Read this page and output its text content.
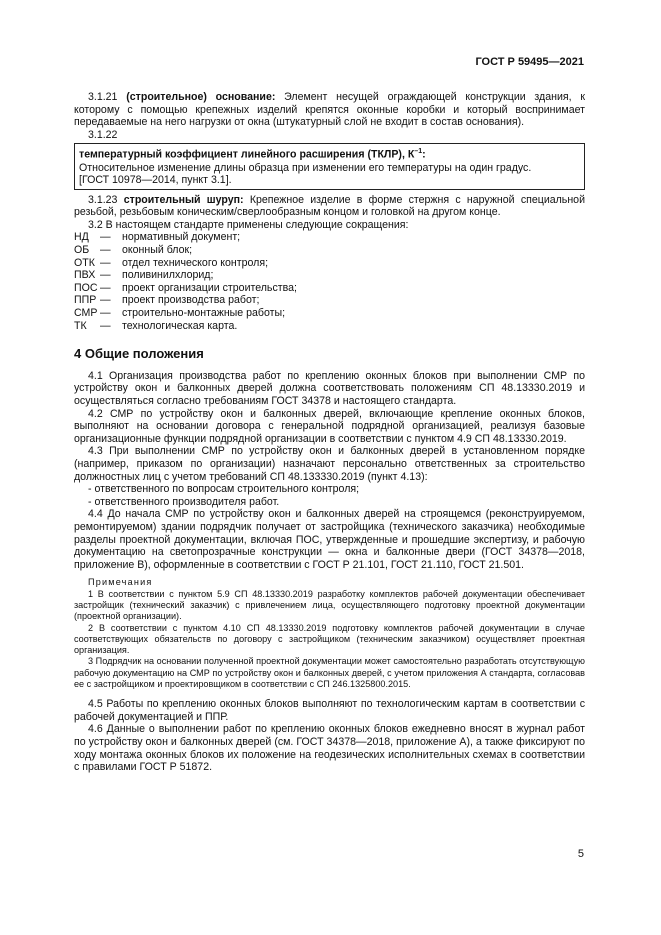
ГОСТ Р 59495—2021

3.1.21 (строительное) основание: Элемент несущей ограждающей конструкции здания, к которому с помощью крепежных изделий крепятся оконные коробки и который воспринимает передаваемые на него нагрузки от окна (штукатурный слой не входит в состав основания).

3.1.22

температурный коэффициент линейного расширения (ТКЛР), $К^{-1}$:

Относительное изменение длины образца при изменении его температуры на один градус.

[ГОСТ 10978—2014, пункт 3.1].

3.1.23 строительный шуруп: Крепежное изделие в форме стержня с наружной специальной резьбой, резьбовым коническим/сверлообразным концом и головкой на другом конце.

3.2 В настоящем стандарте применены следующие сокращения:

НД	—	нормативный документ;
ОБ	—	оконный блок;
ОТК —	отдел технического контроля;
ПВХ —	поливинилхлорид;
ПОС —	проект организации строительства;
ППР —	проект производства работ;
СМР —	строительно-монтажные работы;
ТК	—	технологическая карта.
4 Общие положения

4.1 Организация производства работ по креплению оконных блоков при выполнении СМР по устройству окон и балконных дверей должна соответствовать положениям СП 48.13330.2019 и осуществляться согласно требованиям ГОСТ 34378 и настоящего стандарта.

4.2 СМР по устройству окон и балконных дверей, включающие крепление оконных блоков, выполняют на основании договора с генеральной подрядной организацией, реализуя базовые организационные функции подрядной организации в соответствии с пунктом 4.9 СП 48.13330.2019.

4.3 При выполнении СМР по устройству окон и балконных дверей в установленном порядке (например, приказом по организации) назначают персонально ответственных за строительство должностных лиц с учетом требований СП 48.133330.2019 (пункт 4.13):

- ответственного по вопросам строительного контроля;

- ответственного производителя работ.

4.4 До начала СМР по устройству окон и балконных дверей на строящемся (реконструируемом, ремонтируемом) здании подрядчик получает от застройщика (технического заказчика) необходимые разделы проектной документации, включая ПОС, утвержденные и прошедшие экспертизу, и рабочую документацию на светопрозрачные конструкции — окна и балконные двери (ГОСТ 34378—2018, приложение В), оформленные в соответствии с ГОСТ Р 21.101, ГОСТ 21.110, ГОСТ 21.501.

Примечания

1 В соответствии с пунктом 5.9 СП 48.13330.2019 разработку комплектов рабочей документации обеспечивает застройщик (технический заказчик) с привлечением лица, осуществляющего подготовку проектной документации (проектной организации).

2 В соответствии с пунктом 4.10 СП 48.13330.2019 подготовку комплектов рабочей документации в случае соответствующих обязательств по договору с застройщиком (техническим заказчиком) осуществляет проектная организация.

3 Подрядчик на основании полученной проектной документации может самостоятельно разработать отсутствующую рабочую документацию на СМР по устройству окон и балконных дверей, с учетом приложения А стандарта, согласовав ее с застройщиком и проектировщиком в соответствии с СП 246.1325800.2015.

4.5 Работы по креплению оконных блоков выполняют по технологическим картам в соответствии с рабочей документацией и ППР.

4.6 Данные о выполнении работ по креплению оконных блоков ежедневно вносят в журнал работ по устройству окон и балконных дверей (см. ГОСТ 34378—2018, приложение А), а также фиксируют по ходу монтажа оконных блоков их положение на геодезических исполнительных схемах в соответствии с правилами ГОСТ Р 51872.

5
